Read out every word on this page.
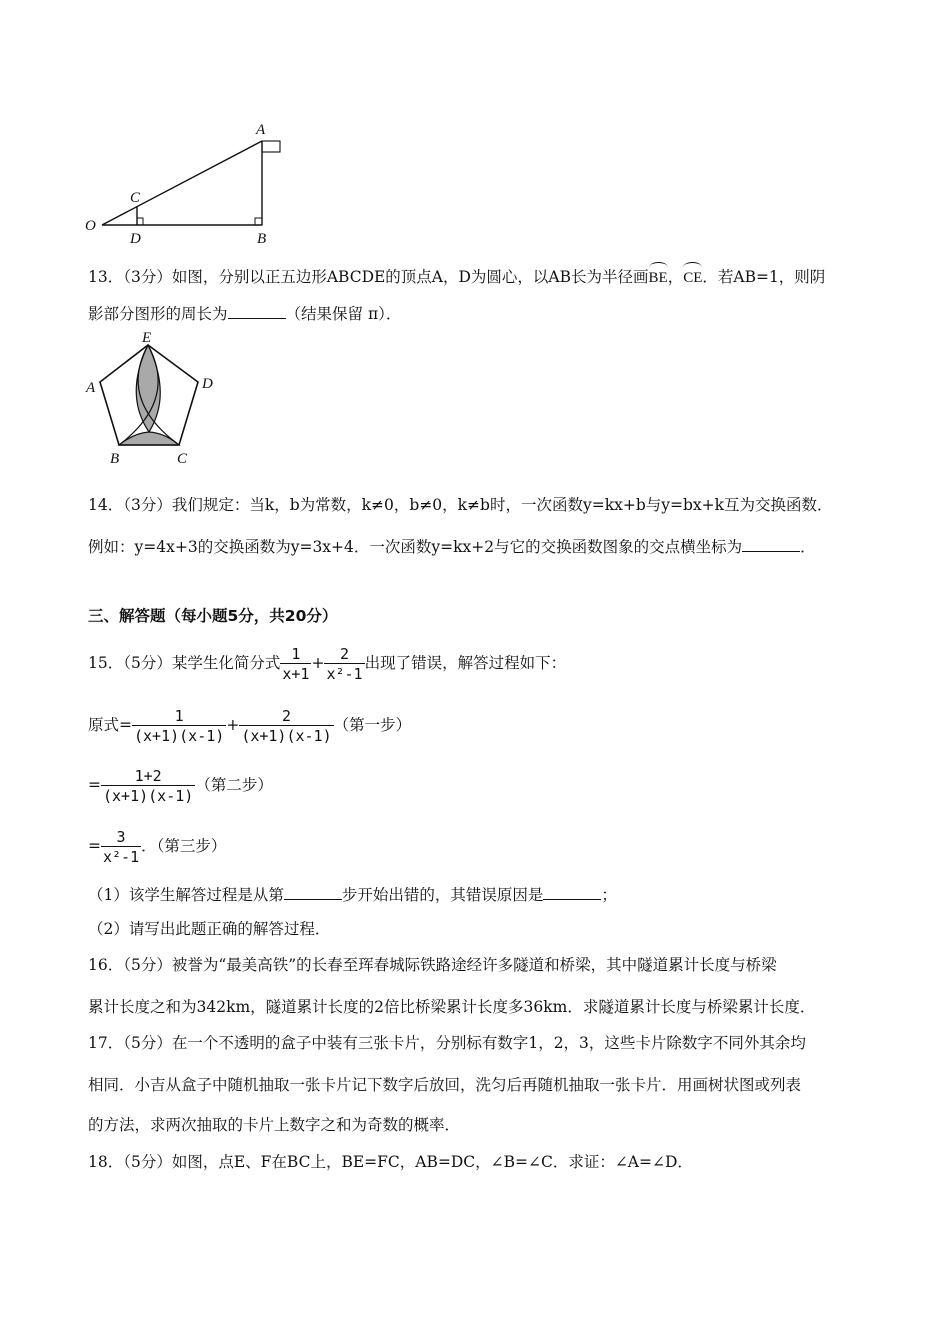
A
O
C
D	B
13．（3分）如图，分别以正五边形ABCDE的顶点A，D为圆心，以AB长为半径画BE，CE．若AB=1，则阴
影部分图形的周长为	（结果保留 π）．
E
A	D
B	C
14．（3分）我们规定：当k，b为常数，k≠0，b≠0，k≠b时，一次函数y=kx+b与y=bx+k互为交换函数．
例如：y=4x+3的交换函数为y=3x+4．一次函数y=kx+2与它的交换函数图象的交点横坐标为	．
三、解答题（每小题5分，共20分）
15．（5分）某学生化简分式 $\frac{1}{x+1} + \frac{2}{\text{x²-1}}$ 出现了错误，解答过程如下：
原式= $\frac{1}{(x+1)(x-1)} + \frac{2}{(x+1)(x-1)}$ （第一步）
= $\frac{1+2}{(x+1)(x-1)}$ （第二步）
= $\frac{3}{\text{x²-1}}$ ．（第三步）
（1）该学生解答过程是从第	步开始出错的，其错误原因是	；
（2）请写出此题正确的解答过程．
16．（5分）被誉为“最美高铁”的长春至珲春城际铁路途经许多隧道和桥梁，其中隧道累计长度与桥梁
累计长度之和为342km，隧道累计长度的2倍比桥梁累计长度多36km．求隧道累计长度与桥梁累计长度．
17．（5分）在一个不透明的盒子中装有三张卡片，分别标有数字1，2，3，这些卡片除数字不同外其余均
相同．小吉从盒子中随机抽取一张卡片记下数字后放回，洗匀后再随机抽取一张卡片．用画树状图或列表
的方法，求两次抽取的卡片上数字之和为奇数的概率．
18．（5分）如图，点E、F在BC上，BE=FC，AB=DC，∠B=∠C．求证：∠A=∠D．
